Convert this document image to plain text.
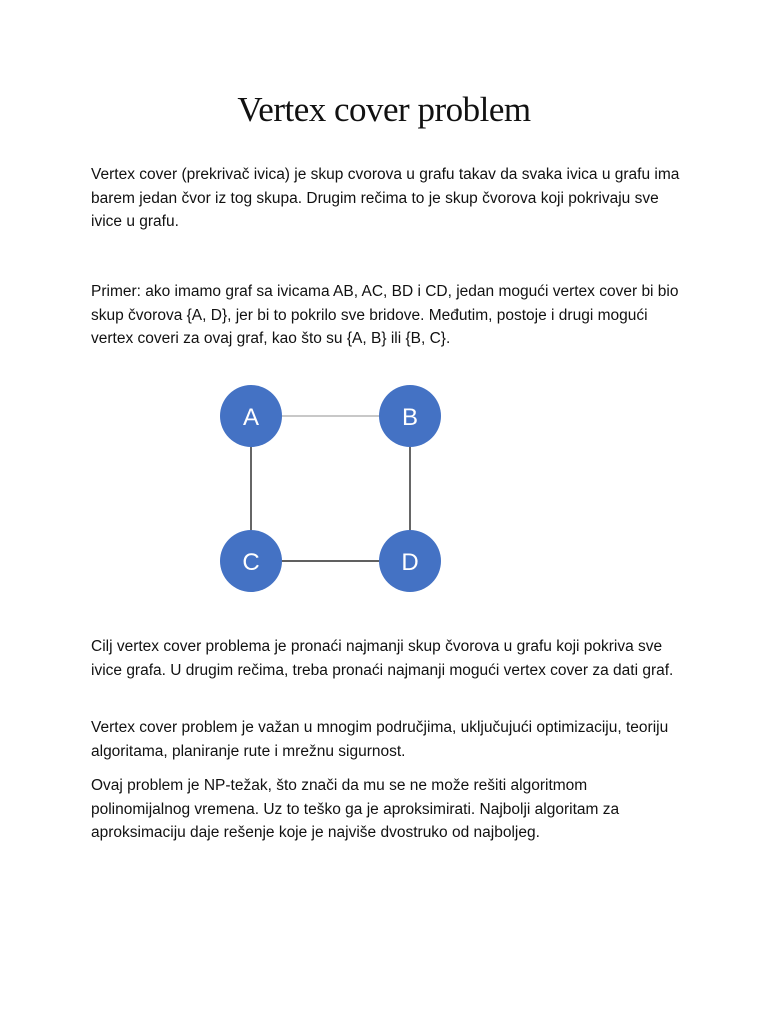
Vertex cover problem

Vertex cover (prekrivač ivica) je skup cvorova u grafu takav da svaka ivica u grafu ima barem jedan čvor iz tog skupa. Drugim rečima to je skup čvorova koji pokrivaju sve ivice u grafu.

Primer: ako imamo graf sa ivicama AB, AC, BD i CD, jedan mogući vertex cover bi bio skup čvorova {A, D}, jer bi to pokrilo sve bridove. Međutim, postoje i drugi mogući vertex coveri za ovaj graf, kao što su {A, B} ili {B, C}.

A	B
C	D

Cilj vertex cover problema je pronaći najmanji skup čvorova u grafu koji pokriva sve ivice grafa. U drugim rečima, treba pronaći najmanji mogući vertex cover za dati graf.

Vertex cover problem je važan u mnogim područjima, uključujući optimizaciju, teoriju algoritama, planiranje rute i mrežnu sigurnost.

Ovaj problem je NP-težak, što znači da mu se ne može rešiti algoritmom polinomijalnog vremena. Uz to teško ga je aproksimirati. Najbolji algoritam za aproksimaciju daje rešenje koje je najviše dvostruko od najboljeg.
